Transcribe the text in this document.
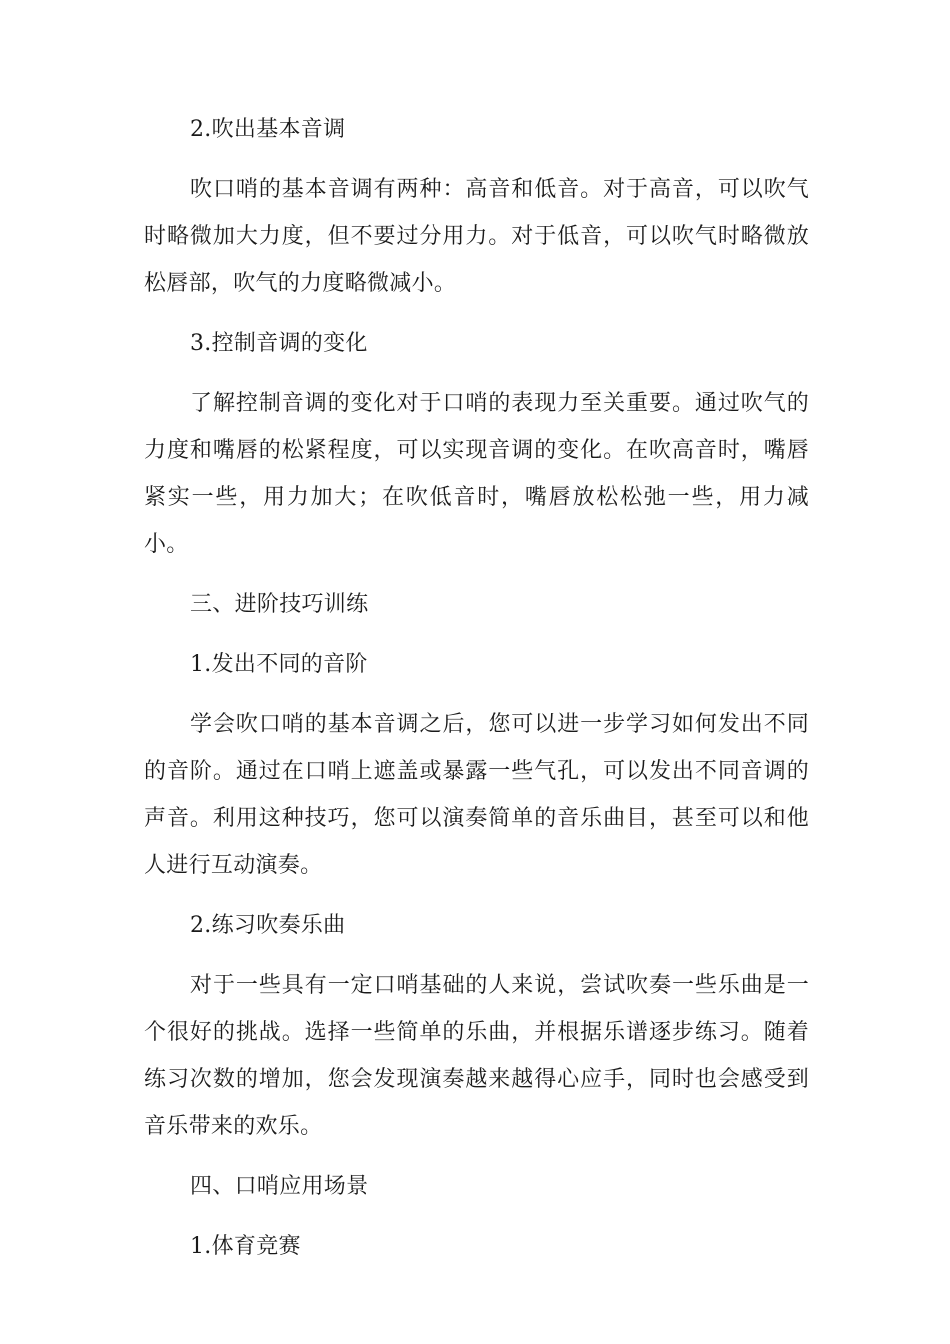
2.吹出基本音调

吹口哨的基本音调有两种：高音和低音。对于高音，可以吹气时略微加大力度，但不要过分用力。对于低音，可以吹气时略微放松唇部，吹气的力度略微减小。

3.控制音调的变化

了解控制音调的变化对于口哨的表现力至关重要。通过吹气的力度和嘴唇的松紧程度，可以实现音调的变化。在吹高音时，嘴唇紧实一些，用力加大；在吹低音时，嘴唇放松松弛一些，用力减小。

三、进阶技巧训练

1.发出不同的音阶

学会吹口哨的基本音调之后，您可以进一步学习如何发出不同的音阶。通过在口哨上遮盖或暴露一些气孔，可以发出不同音调的声音。利用这种技巧，您可以演奏简单的音乐曲目，甚至可以和他人进行互动演奏。

2.练习吹奏乐曲

对于一些具有一定口哨基础的人来说，尝试吹奏一些乐曲是一个很好的挑战。选择一些简单的乐曲，并根据乐谱逐步练习。随着练习次数的增加，您会发现演奏越来越得心应手，同时也会感受到音乐带来的欢乐。

四、口哨应用场景

1.体育竞赛
